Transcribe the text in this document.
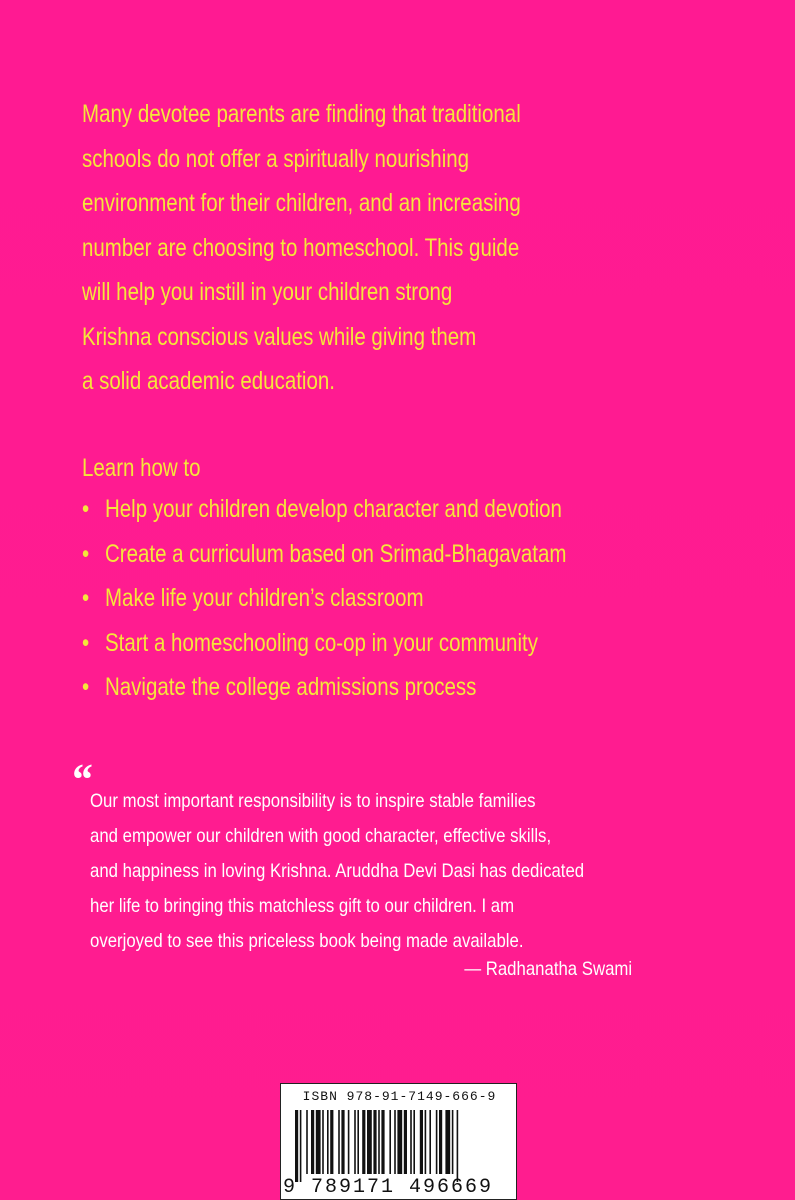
Many devotee parents are finding that traditional
schools do not offer a spiritually nourishing
environment for their children, and an increasing
number are choosing to homeschool. This guide
will help you instill in your children strong
Krishna conscious values while giving them
a solid academic education.
Learn how to
• Help your children develop character and devotion
• Create a curriculum based on Srimad-Bhagavatam
• Make life your children’s classroom
• Start a homeschooling co-op in your community
• Navigate the college admissions process
“
Our most important responsibility is to inspire stable families
and empower our children with good character, effective skills,
and happiness in loving Krishna. Aruddha Devi Dasi has dedicated
her life to bringing this matchless gift to our children. I am
overjoyed to see this priceless book being made available.
— Radhanatha Swami
ISBN 978-91-7149-666-9
9 789171 496669
